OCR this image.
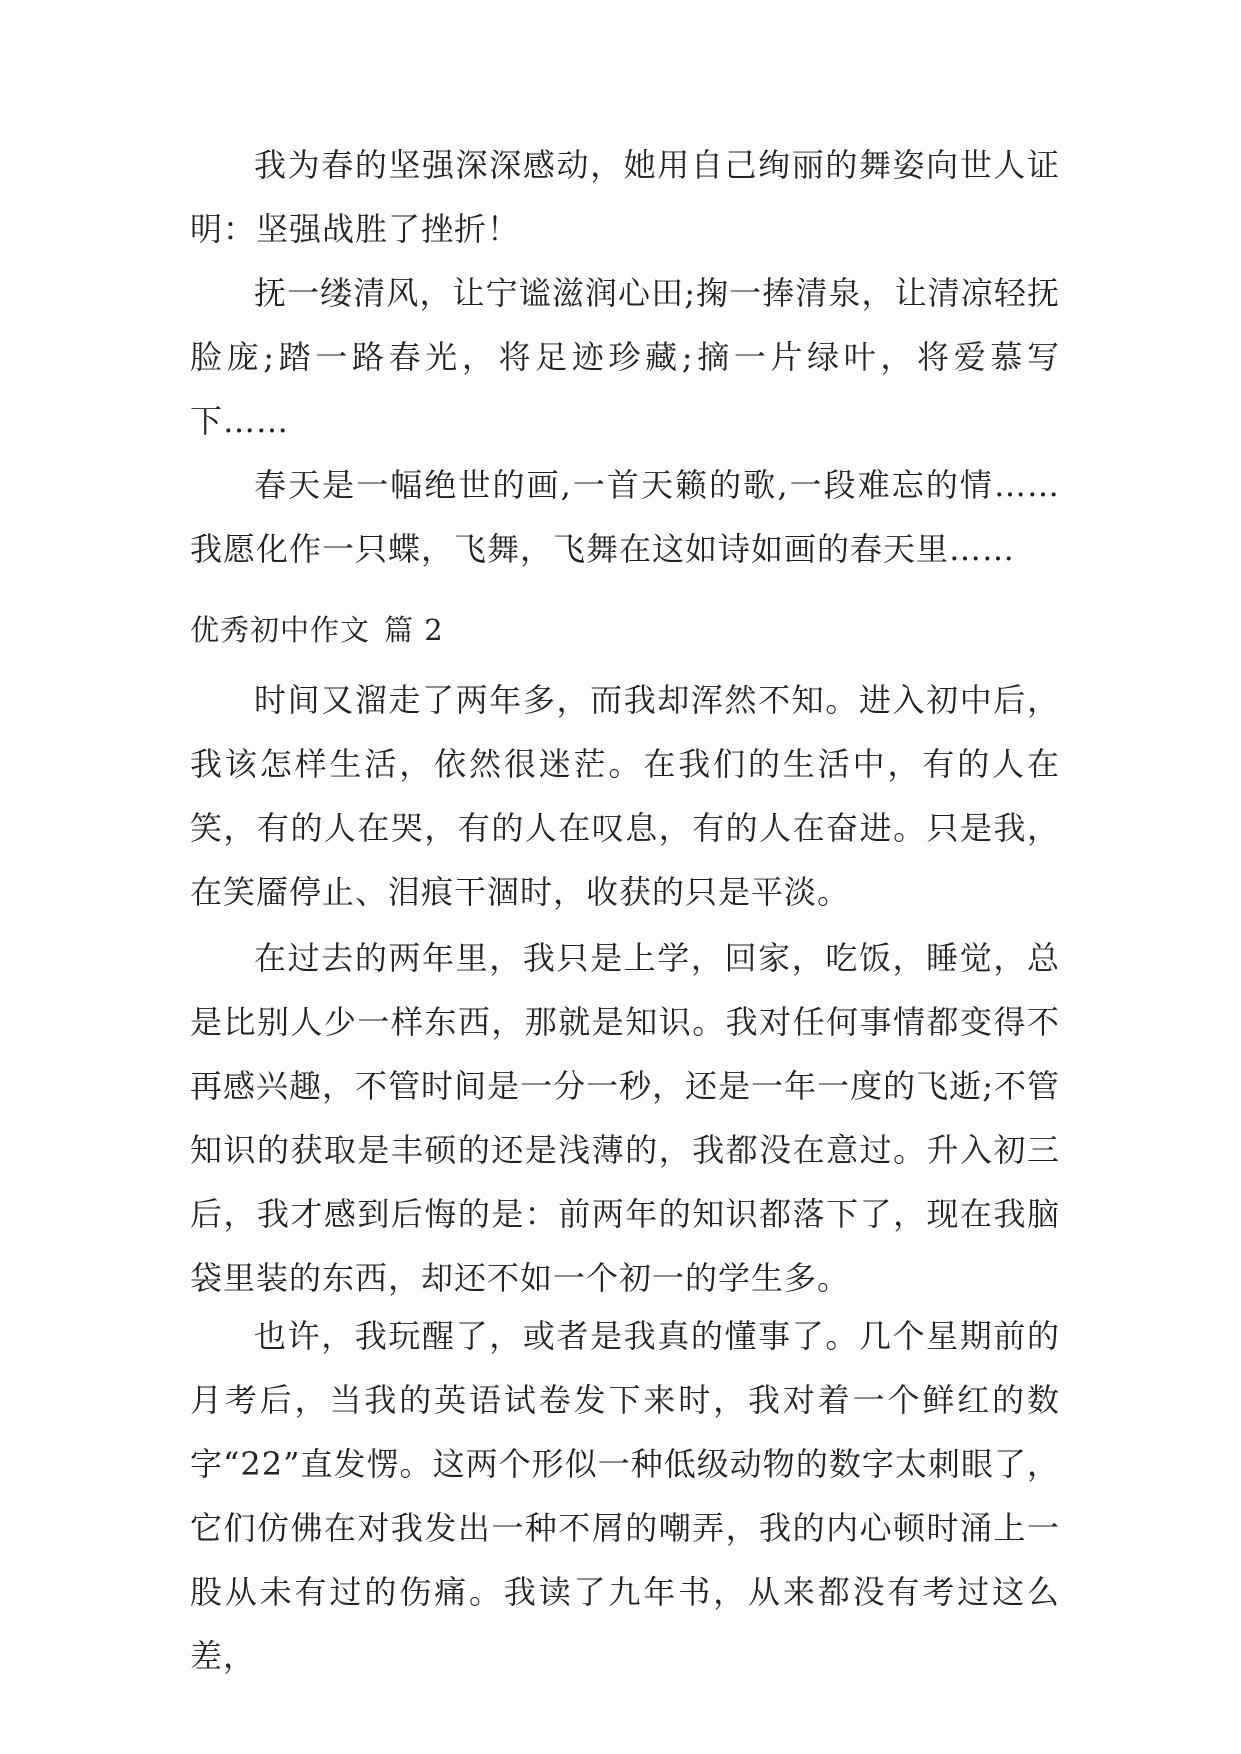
我为春的坚强深深感动，她用自己绚丽的舞姿向世人证明：坚强战胜了挫折！

抚一缕清风，让宁谧滋润心田;掬一捧清泉，让清凉轻抚脸庞;踏一路春光，将足迹珍藏;摘一片绿叶，将爱慕写下……

春天是一幅绝世的画,一首天籁的歌,一段难忘的情……我愿化作一只蝶，飞舞，飞舞在这如诗如画的春天里……

优秀初中作文 篇 2

时间又溜走了两年多，而我却浑然不知。进入初中后，我该怎样生活，依然很迷茫。在我们的生活中，有的人在笑，有的人在哭，有的人在叹息，有的人在奋进。只是我，在笑靥停止、泪痕干涸时，收获的只是平淡。

在过去的两年里，我只是上学，回家，吃饭，睡觉，总是比别人少一样东西，那就是知识。我对任何事情都变得不再感兴趣，不管时间是一分一秒，还是一年一度的飞逝;不管知识的获取是丰硕的还是浅薄的，我都没在意过。升入初三后，我才感到后悔的是：前两年的知识都落下了，现在我脑袋里装的东西，却还不如一个初一的学生多。

也许，我玩醒了，或者是我真的懂事了。几个星期前的月考后，当我的英语试卷发下来时，我对着一个鲜红的数字“22”直发愣。这两个形似一种低级动物的数字太刺眼了，它们仿佛在对我发出一种不屑的嘲弄，我的内心顿时涌上一股从未有过的伤痛。我读了九年书，从来都没有考过这么差，
